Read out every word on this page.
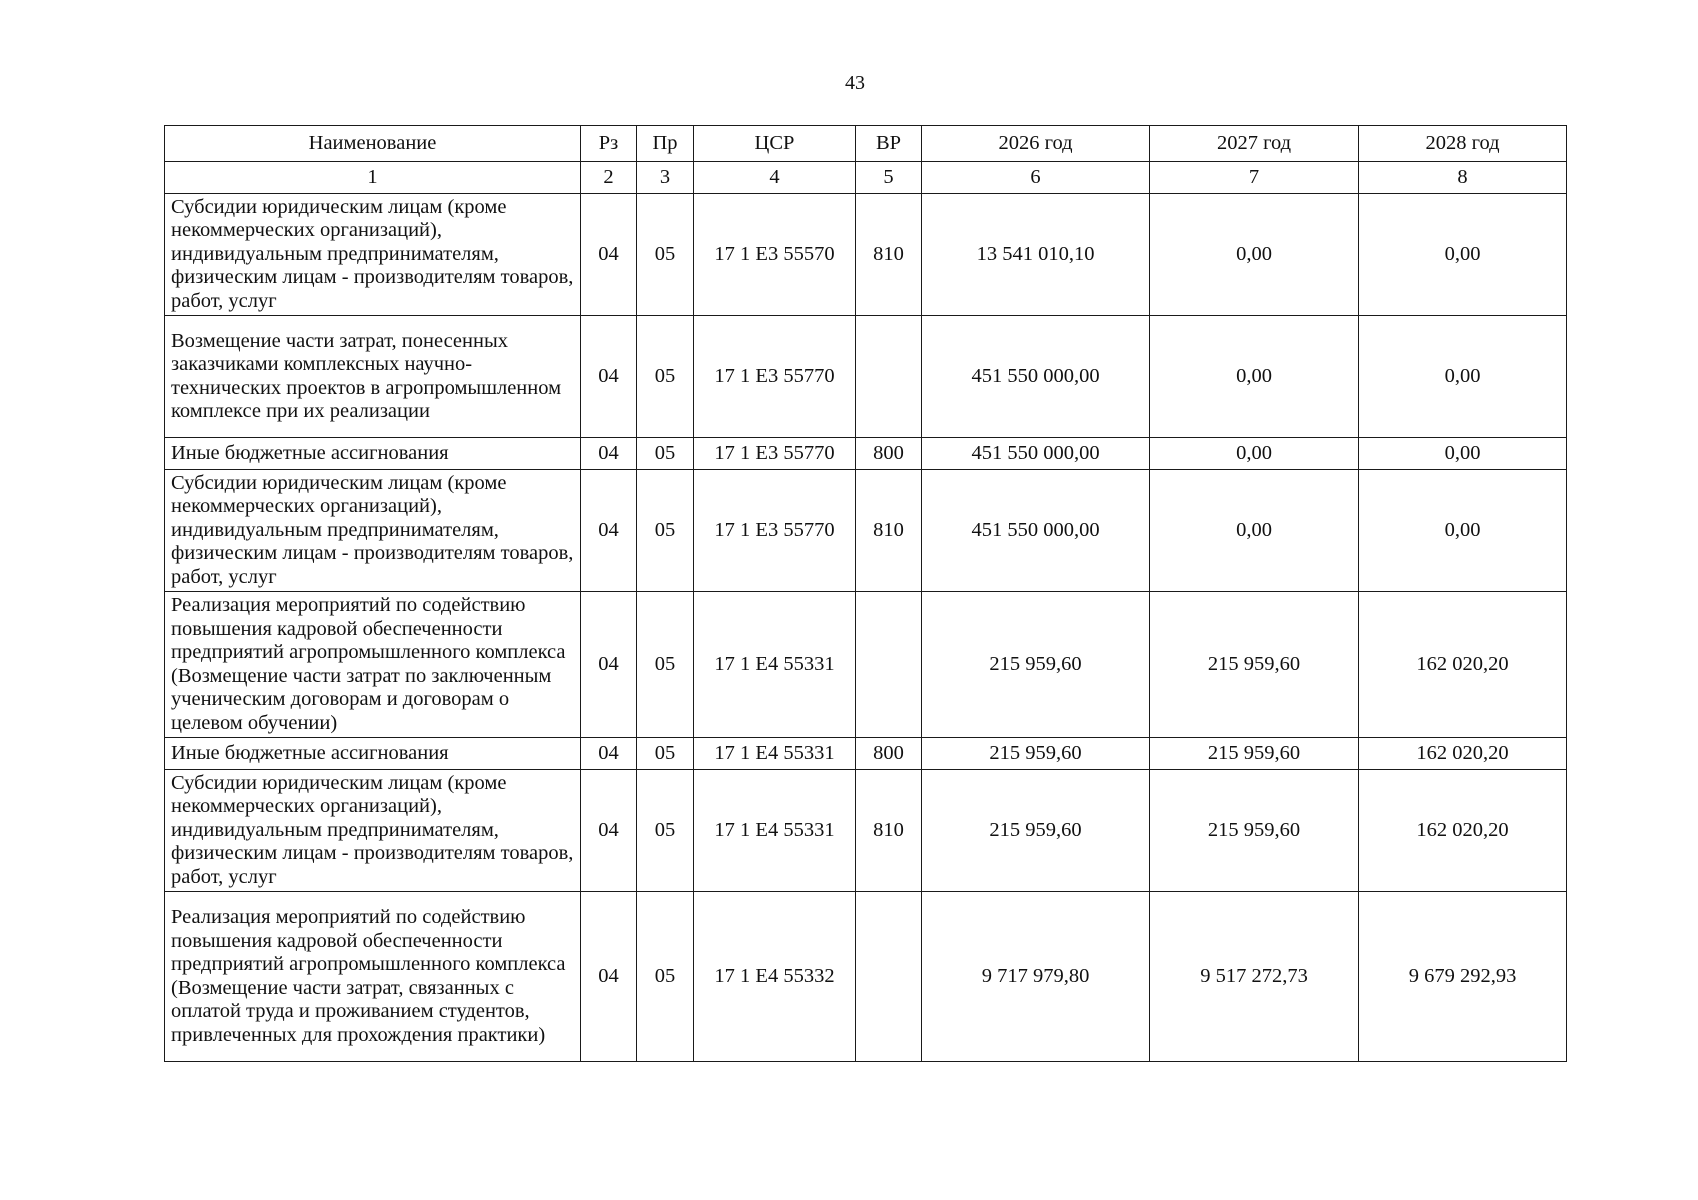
43
Наименование	Рз	Пр	ЦСР	ВР	2026 год	2027 год	2028 год
1	2	3	4	5	6	7	8
Субсидии юридическим лицам (кроме некоммерческих организаций), индивидуальным предпринимателям, физическим лицам - производителям товаров, работ, услуг	04	05	17 1 Е3 55570	810	13 541 010,10	0,00	0,00
Возмещение части затрат, понесенных заказчиками комплексных научно-технических проектов в агропромышленном комплексе при их реализации	04	05	17 1 Е3 55770		451 550 000,00	0,00	0,00
Иные бюджетные ассигнования	04	05	17 1 Е3 55770	800	451 550 000,00	0,00	0,00
Субсидии юридическим лицам (кроме некоммерческих организаций), индивидуальным предпринимателям, физическим лицам - производителям товаров, работ, услуг	04	05	17 1 Е3 55770	810	451 550 000,00	0,00	0,00
Реализация мероприятий по содействию повышения кадровой обеспеченности предприятий агропромышленного комплекса (Возмещение части затрат по заключенным ученическим договорам и договорам о целевом обучении)	04	05	17 1 Е4 55331		215 959,60	215 959,60	162 020,20
Иные бюджетные ассигнования	04	05	17 1 Е4 55331	800	215 959,60	215 959,60	162 020,20
Субсидии юридическим лицам (кроме некоммерческих организаций), индивидуальным предпринимателям, физическим лицам - производителям товаров, работ, услуг	04	05	17 1 Е4 55331	810	215 959,60	215 959,60	162 020,20
Реализация мероприятий по содействию повышения кадровой обеспеченности предприятий агропромышленного комплекса (Возмещение части затрат, связанных с оплатой труда и проживанием студентов, привлеченных для прохождения практики)	04	05	17 1 Е4 55332		9 717 979,80	9 517 272,73	9 679 292,93
